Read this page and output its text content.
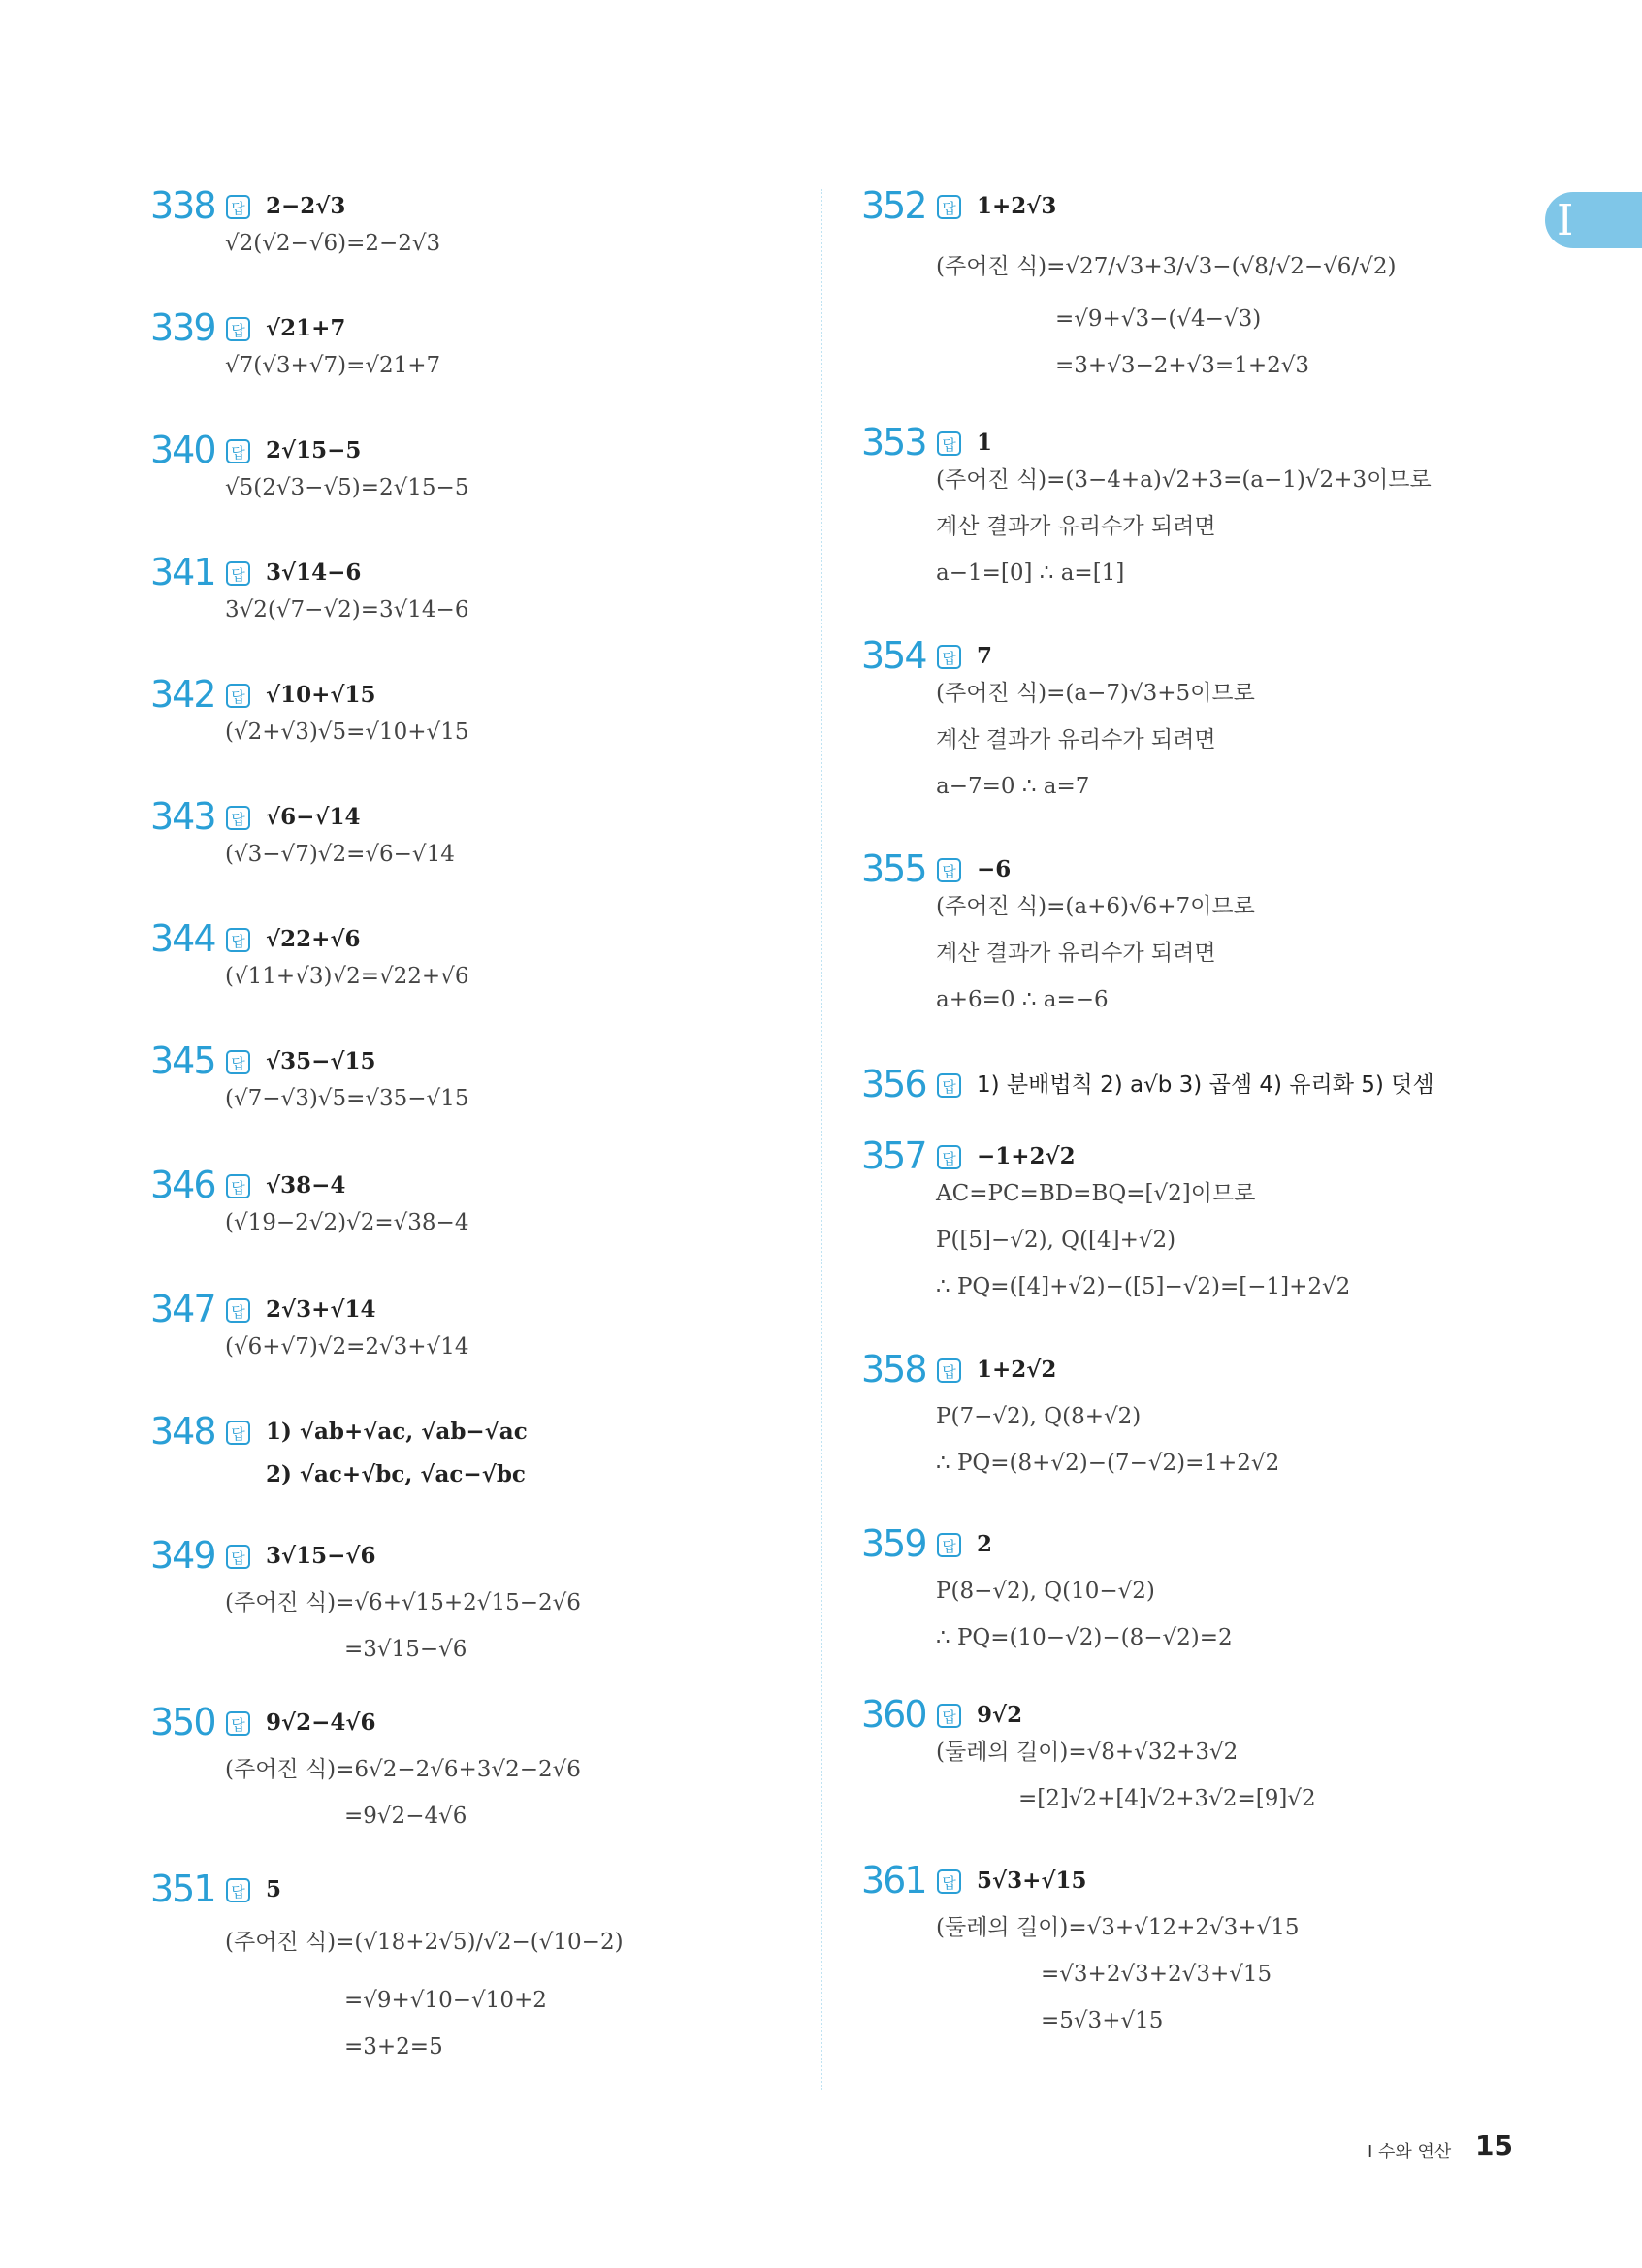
I
338	답 2−2√3
√2(√2−√6)=2−2√3
339	답 √21+7
√7(√3+√7)=√21+7
340	답 2√15−5
√5(2√3−√5)=2√15−5
341	답 3√14−6
3√2(√7−√2)=3√14−6
342	답 √10+√15
(√2+√3)√5=√10+√15
343	답 √6−√14
(√3−√7)√2=√6−√14
344	답 √22+√6
(√11+√3)√2=√22+√6
345	답 √35−√15
(√7−√3)√5=√35−√15
346	답 √38−4
(√19−2√2)√2=√38−4
347	답 2√3+√14
(√6+√7)√2=2√3+√14
348	답 1) √ab+√ac, √ab−√ac
2) √ac+√bc, √ac−√bc
349	답 3√15−√6
(주어진 식)=√6+√15+2√15−2√6
=3√15−√6
350	답 9√2−4√6
(주어진 식)=6√2−2√6+3√2−2√6
=9√2−4√6
351	답 5
(주어진 식)=(√18+2√5)/√2−(√10−2)
=√9+√10−√10+2
=3+2=5
352	답 1+2√3
(주어진 식)=√27/√3+3/√3−(√8/√2−√6/√2)
=√9+√3−(√4−√3)
=3+√3−2+√3=1+2√3
353	답 1
(주어진 식)=(3−4+a)√2+3=(a−1)√2+3이므로
계산 결과가 유리수가 되려면
a−1=[0] ∴ a=[1]
354	답 7
(주어진 식)=(a−7)√3+5이므로
계산 결과가 유리수가 되려면
a−7=0 ∴ a=7
355	답 −6
(주어진 식)=(a+6)√6+7이므로
계산 결과가 유리수가 되려면
a+6=0 ∴ a=−6
356	답 1) 분배법칙 2) a√b 3) 곱셈 4) 유리화 5) 덧셈
357	답 −1+2√2
AC=PC=BD=BQ=[√2]이므로
P([5]−√2), Q([4]+√2)
∴ PQ=([4]+√2)−([5]−√2)=[−1]+2√2
358	답 1+2√2
P(7−√2), Q(8+√2)
∴ PQ=(8+√2)−(7−√2)=1+2√2
359	답 2
P(8−√2), Q(10−√2)
∴ PQ=(10−√2)−(8−√2)=2
360	답 9√2
(둘레의 길이)=√8+√32+3√2
=[2]√2+[4]√2+3√2=[9]√2
361	답 5√3+√15
(둘레의 길이)=√3+√12+2√3+√15
=√3+2√3+2√3+√15
=5√3+√15
I 수와 연산 15
